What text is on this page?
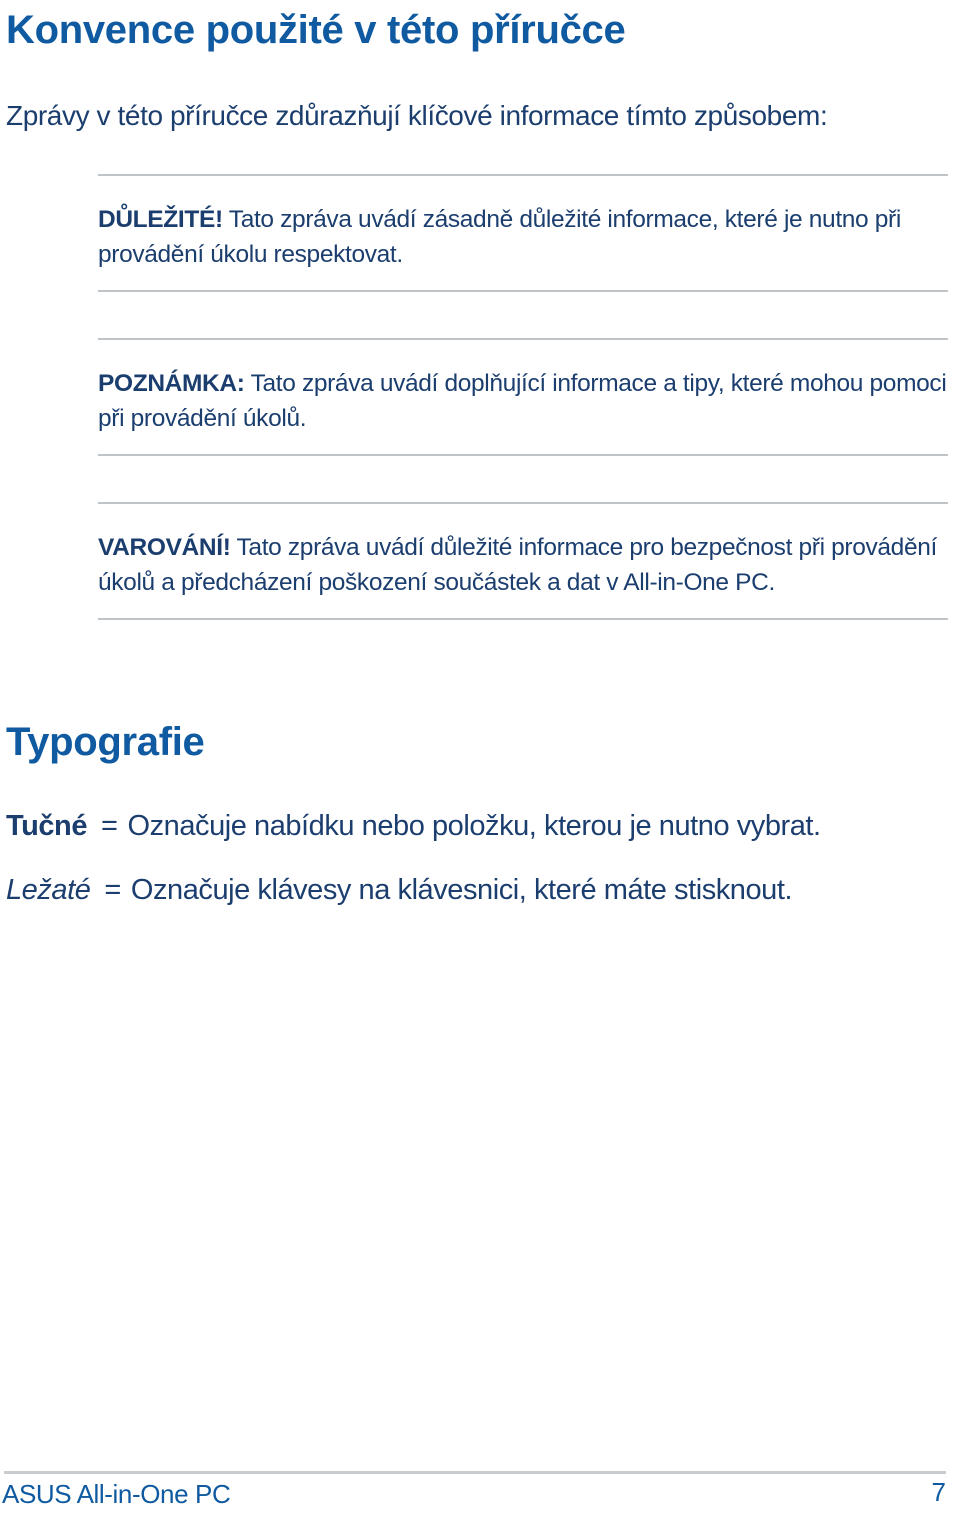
Konvence použité v této příručce

Zprávy v této příručce zdůrazňují klíčové informace tímto způsobem:

DŮLEŽITÉ! Tato zpráva uvádí zásadně důležité informace, které je nutno při provádění úkolu respektovat.

POZNÁMKA: Tato zpráva uvádí doplňující informace a tipy, které mohou pomoci při provádění úkolů.

VAROVÁNÍ! Tato zpráva uvádí důležité informace pro bezpečnost při provádění úkolů a předcházení poškození součástek a dat v All-in-One PC.

Typografie
Tučné = Označuje nabídku nebo položku, kterou je nutno vybrat.
Ležaté = Označuje klávesy na klávesnici, které máte stisknout.
ASUS All-in-One PC	7
